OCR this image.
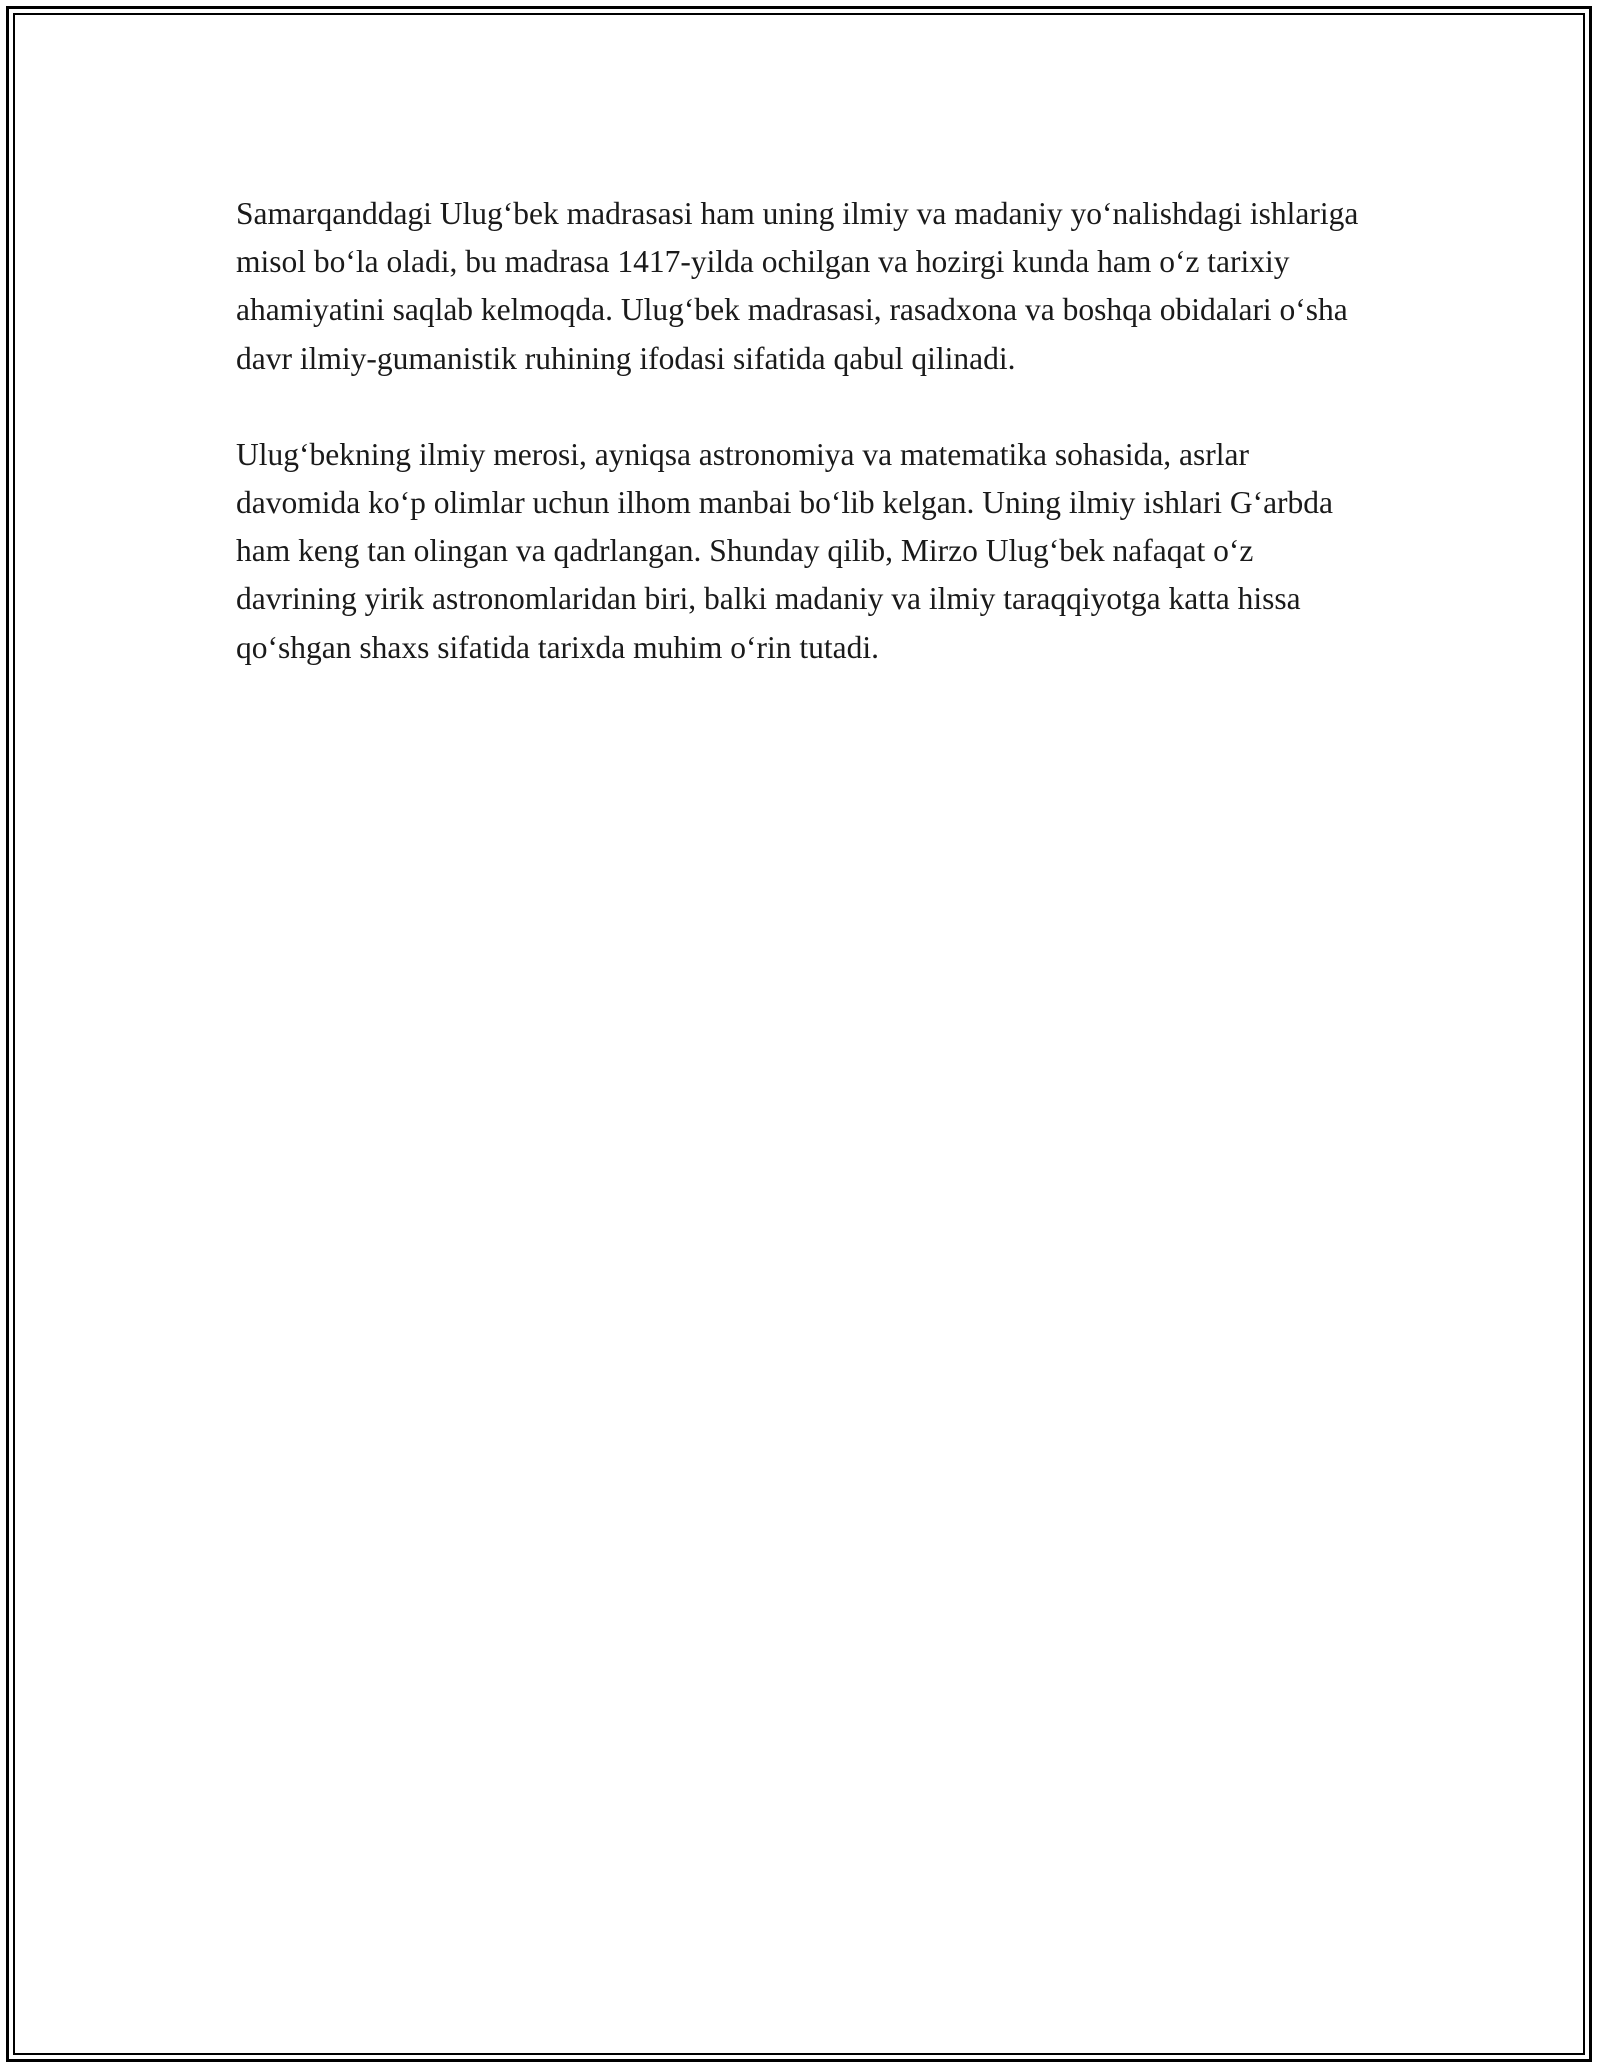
Samarqanddagi Ulug‘bek madrasasi ham uning ilmiy va madaniy yo‘nalishdagi ishlariga misol bo‘la oladi, bu madrasa 1417-yilda ochilgan va hozirgi kunda ham o‘z tarixiy ahamiyatini saqlab kelmoqda. Ulug‘bek madrasasi, rasadxona va boshqa obidalari o‘sha davr ilmiy-gumanistik ruhining ifodasi sifatida qabul qilinadi.

Ulug‘bekning ilmiy merosi, ayniqsa astronomiya va matematika sohasida, asrlar davomida ko‘p olimlar uchun ilhom manbai bo‘lib kelgan. Uning ilmiy ishlari G‘arbda ham keng tan olingan va qadrlangan. Shunday qilib, Mirzo Ulug‘bek nafaqat o‘z davrining yirik astronomlaridan biri, balki madaniy va ilmiy taraqqiyotga katta hissa qo‘shgan shaxs sifatida tarixda muhim o‘rin tutadi.
